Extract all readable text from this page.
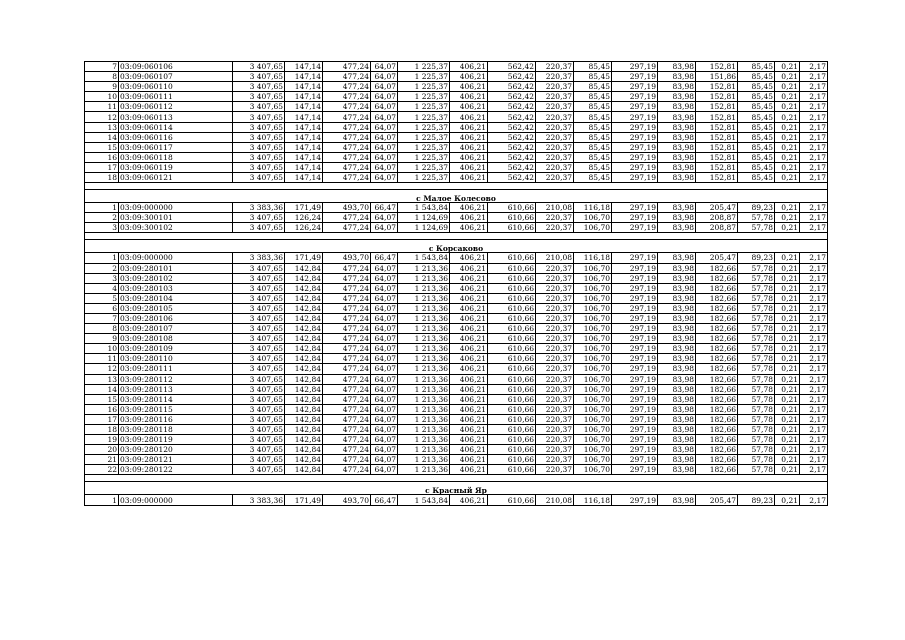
7	03:09:060106	3 407,65	147,14	477,24	64,07	1 225,37	406,21	562,42	220,37	85,45	297,19	83,98	152,81	85,45	0,21	2,17
8	03:09:060107	3 407,65	147,14	477,24	64,07	1 225,37	406,21	562,42	220,37	85,45	297,19	83,98	151,86	85,45	0,21	2,17
9	03:09:060110	3 407,65	147,14	477,24	64,07	1 225,37	406,21	562,42	220,37	85,45	297,19	83,98	152,81	85,45	0,21	2,17
10	03:09:060111	3 407,65	147,14	477,24	64,07	1 225,37	406,21	562,42	220,37	85,45	297,19	83,98	152,81	85,45	0,21	2,17
11	03:09:060112	3 407,65	147,14	477,24	64,07	1 225,37	406,21	562,42	220,37	85,45	297,19	83,98	152,81	85,45	0,21	2,17
12	03:09:060113	3 407,65	147,14	477,24	64,07	1 225,37	406,21	562,42	220,37	85,45	297,19	83,98	152,81	85,45	0,21	2,17
13	03:09:060114	3 407,65	147,14	477,24	64,07	1 225,37	406,21	562,42	220,37	85,45	297,19	83,98	152,81	85,45	0,21	2,17
14	03:09:060116	3 407,65	147,14	477,24	64,07	1 225,37	406,21	562,42	220,37	85,45	297,19	83,98	152,81	85,45	0,21	2,17
15	03:09:060117	3 407,65	147,14	477,24	64,07	1 225,37	406,21	562,42	220,37	85,45	297,19	83,98	152,81	85,45	0,21	2,17
16	03:09:060118	3 407,65	147,14	477,24	64,07	1 225,37	406,21	562,42	220,37	85,45	297,19	83,98	152,81	85,45	0,21	2,17
17	03:09:060119	3 407,65	147,14	477,24	64,07	1 225,37	406,21	562,42	220,37	85,45	297,19	83,98	152,81	85,45	0,21	2,17
18	03:09:060121	3 407,65	147,14	477,24	64,07	1 225,37	406,21	562,42	220,37	85,45	297,19	83,98	152,81	85,45	0,21	2,17

с Малое Колесово																
1	03:09:000000	3 383,36	171,49	493,70	66,47	1 543,84	406,21	610,66	210,08	116,18	297,19	83,98	205,47	89,23	0,21	2,17
2	03:09:300101	3 407,65	126,24	477,24	64,07	1 124,69	406,21	610,66	220,37	106,70	297,19	83,98	208,87	57,78	0,21	2,17
3	03:09:300102	3 407,65	126,24	477,24	64,07	1 124,69	406,21	610,66	220,37	106,70	297,19	83,98	208,87	57,78	0,21	2,17

с Корсаково																
1	03:09:000000	3 383,36	171,49	493,70	66,47	1 543,84	406,21	610,66	210,08	116,18	297,19	83,98	205,47	89,23	0,21	2,17
2	03:09:280101	3 407,65	142,84	477,24	64,07	1 213,36	406,21	610,66	220,37	106,70	297,19	83,98	182,66	57,78	0,21	2,17
3	03:09:280102	3 407,65	142,84	477,24	64,07	1 213,36	406,21	610,66	220,37	106,70	297,19	83,98	182,66	57,78	0,21	2,17
4	03:09:280103	3 407,65	142,84	477,24	64,07	1 213,36	406,21	610,66	220,37	106,70	297,19	83,98	182,66	57,78	0,21	2,17
5	03:09:280104	3 407,65	142,84	477,24	64,07	1 213,36	406,21	610,66	220,37	106,70	297,19	83,98	182,66	57,78	0,21	2,17
6	03:09:280105	3 407,65	142,84	477,24	64,07	1 213,36	406,21	610,66	220,37	106,70	297,19	83,98	182,66	57,78	0,21	2,17
7	03:09:280106	3 407,65	142,84	477,24	64,07	1 213,36	406,21	610,66	220,37	106,70	297,19	83,98	182,66	57,78	0,21	2,17
8	03:09:280107	3 407,65	142,84	477,24	64,07	1 213,36	406,21	610,66	220,37	106,70	297,19	83,98	182,66	57,78	0,21	2,17
9	03:09:280108	3 407,65	142,84	477,24	64,07	1 213,36	406,21	610,66	220,37	106,70	297,19	83,98	182,66	57,78	0,21	2,17
10	03:09:280109	3 407,65	142,84	477,24	64,07	1 213,36	406,21	610,66	220,37	106,70	297,19	83,98	182,66	57,78	0,21	2,17
11	03:09:280110	3 407,65	142,84	477,24	64,07	1 213,36	406,21	610,66	220,37	106,70	297,19	83,98	182,66	57,78	0,21	2,17
12	03:09:280111	3 407,65	142,84	477,24	64,07	1 213,36	406,21	610,66	220,37	106,70	297,19	83,98	182,66	57,78	0,21	2,17
13	03:09:280112	3 407,65	142,84	477,24	64,07	1 213,36	406,21	610,66	220,37	106,70	297,19	83,98	182,66	57,78	0,21	2,17
14	03:09:280113	3 407,65	142,84	477,24	64,07	1 213,36	406,21	610,66	220,37	106,70	297,19	83,98	182,66	57,78	0,21	2,17
15	03:09:280114	3 407,65	142,84	477,24	64,07	1 213,36	406,21	610,66	220,37	106,70	297,19	83,98	182,66	57,78	0,21	2,17
16	03:09:280115	3 407,65	142,84	477,24	64,07	1 213,36	406,21	610,66	220,37	106,70	297,19	83,98	182,66	57,78	0,21	2,17
17	03:09:280116	3 407,65	142,84	477,24	64,07	1 213,36	406,21	610,66	220,37	106,70	297,19	83,98	182,66	57,78	0,21	2,17
18	03:09:280118	3 407,65	142,84	477,24	64,07	1 213,36	406,21	610,66	220,37	106,70	297,19	83,98	182,66	57,78	0,21	2,17
19	03:09:280119	3 407,65	142,84	477,24	64,07	1 213,36	406,21	610,66	220,37	106,70	297,19	83,98	182,66	57,78	0,21	2,17
20	03:09:280120	3 407,65	142,84	477,24	64,07	1 213,36	406,21	610,66	220,37	106,70	297,19	83,98	182,66	57,78	0,21	2,17
21	03:09:280121	3 407,65	142,84	477,24	64,07	1 213,36	406,21	610,66	220,37	106,70	297,19	83,98	182,66	57,78	0,21	2,17
22	03:09:280122	3 407,65	142,84	477,24	64,07	1 213,36	406,21	610,66	220,37	106,70	297,19	83,98	182,66	57,78	0,21	2,17

с Красный Яр																
1	03:09:000000	3 383,36	171,49	493,70	66,47	1 543,84	406,21	610,66	210,08	116,18	297,19	83,98	205,47	89,23	0,21	2,17
